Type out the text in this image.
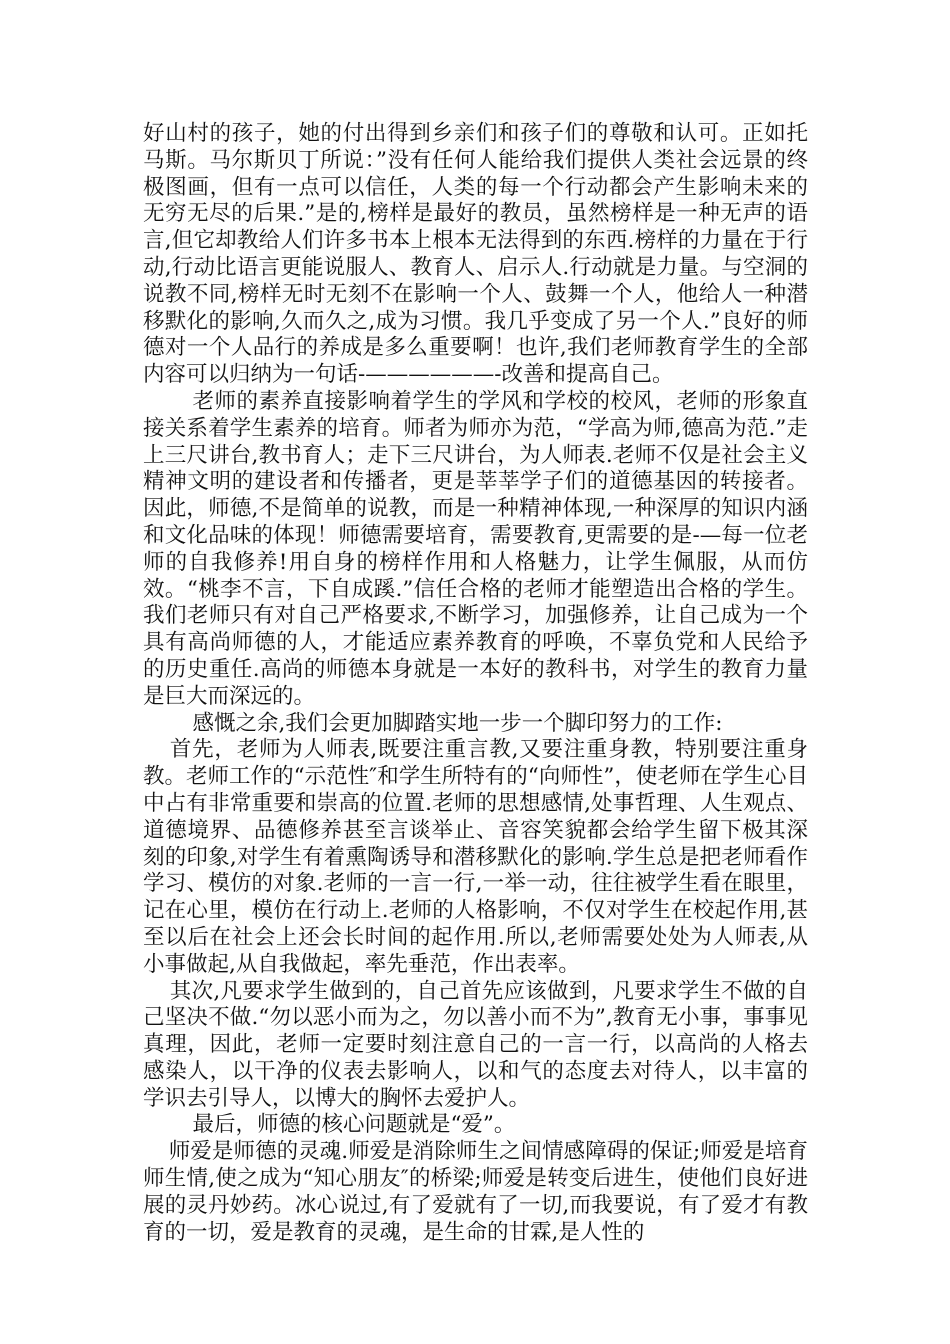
好山村的孩子，她的付出得到乡亲们和孩子们的尊敬和认可。正如托马斯。马尔斯贝丁所说：”没有任何人能给我们提供人类社会远景的终极图画，但有一点可以信任，人类的每一个行动都会产生影响未来的无穷无尽的后果.”是的,榜样是最好的教员，虽然榜样是一种无声的语言,但它却教给人们许多书本上根本无法得到的东西.榜样的力量在于行动,行动比语言更能说服人、教育人、启示人.行动就是力量。与空洞的说教不同,榜样无时无刻不在影响一个人、鼓舞一个人，他给人一种潜移默化的影响,久而久之,成为习惯。我几乎变成了另一个人.”良好的师德对一个人品行的养成是多么重要啊！也许,我们老师教育学生的全部内容可以归纳为一句话-——————-改善和提高自己。

老师的素养直接影响着学生的学风和学校的校风，老师的形象直接关系着学生素养的培育。师者为师亦为范，“学高为师,德高为范.”走上三尺讲台,教书育人；走下三尺讲台，为人师表.老师不仅是社会主义精神文明的建设者和传播者，更是莘莘学子们的道德基因的转接者。因此，师德,不是简单的说教，而是一种精神体现,一种深厚的知识内涵和文化品味的体现！师德需要培育，需要教育,更需要的是-—每一位老师的自我修养!用自身的榜样作用和人格魅力，让学生佩服，从而仿效。“桃李不言，下自成蹊.”信任合格的老师才能塑造出合格的学生。我们老师只有对自己严格要求,不断学习，加强修养，让自己成为一个具有高尚师德的人，才能适应素养教育的呼唤，不辜负党和人民给予的历史重任.高尚的师德本身就是一本好的教科书，对学生的教育力量是巨大而深远的。

感慨之余,我们会更加脚踏实地一步一个脚印努力的工作:

首先，老师为人师表,既要注重言教,又要注重身教，特别要注重身教。老师工作的“示范性″和学生所特有的“向师性”，使老师在学生心目中占有非常重要和崇高的位置.老师的思想感情,处事哲理、人生观点、道德境界、品德修养甚至言谈举止、音容笑貌都会给学生留下极其深刻的印象,对学生有着熏陶诱导和潜移默化的影响.学生总是把老师看作学习、模仿的对象.老师的一言一行,一举一动，往往被学生看在眼里，记在心里，模仿在行动上.老师的人格影响，不仅对学生在校起作用,甚至以后在社会上还会长时间的起作用.所以,老师需要处处为人师表,从小事做起,从自我做起，率先垂范，作出表率。

其次,凡要求学生做到的，自己首先应该做到，凡要求学生不做的自己坚决不做.“勿以恶小而为之，勿以善小而不为”,教育无小事，事事见真理，因此，老师一定要时刻注意自己的一言一行，以高尚的人格去感染人，以干净的仪表去影响人，以和气的态度去对待人，以丰富的学识去引导人，以博大的胸怀去爱护人。

最后，师德的核心问题就是“爱”。

师爱是师德的灵魂.师爱是消除师生之间情感障碍的保证;师爱是培育师生情,使之成为“知心朋友″的桥梁;师爱是转变后进生，使他们良好进展的灵丹妙药。冰心说过,有了爱就有了一切,而我要说，有了爱才有教育的一切，爱是教育的灵魂，是生命的甘霖,是人性的
